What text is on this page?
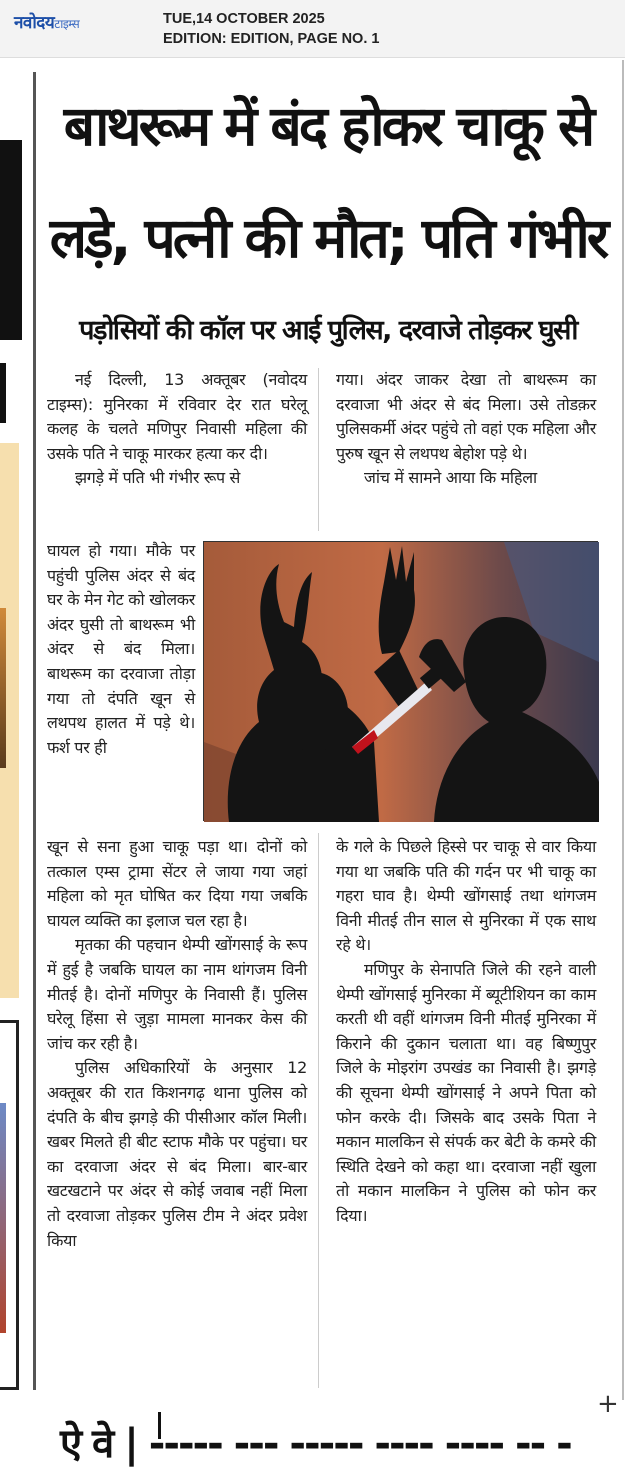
नवोदयटाइम्स	TUE,14 OCTOBER 2025
EDITION: EDITION, PAGE NO. 1
बाथरूम में बंद होकर चाकू से
लड़े, पत्नी की मौत; पति गंभीर
पड़ोसियों की कॉल पर आई पुलिस, दरवाजे तोड़कर घुसी

नई दिल्ली, 13 अक्तूबर (नवोदय टाइम्स): मुनिरका में रविवार देर रात घरेलू कलह के चलते मणिपुर निवासी महिला की उसके पति ने चाकू मारकर हत्या कर दी।

झगड़े में पति भी गंभीर रूप से

घायल हो गया। मौके पर पहुंची पुलिस अंदर से बंद घर के मेन गेट को खोलकर अंदर घुसी तो बाथरूम भी अंदर से बंद मिला। बाथरूम का दरवाजा तोड़ा गया तो दंपति खून से लथपथ हालत में पड़े थे। फर्श पर ही

गया। अंदर जाकर देखा तो बाथरूम का दरवाजा भी अंदर से बंद मिला। उसे तोडक़र पुलिसकर्मी अंदर पहुंचे तो वहां एक महिला और पुरुष खून से लथपथ बेहोश पड़े थे।

जांच में सामने आया कि महिला

खून से सना हुआ चाकू पड़ा था। दोनों को तत्काल एम्स ट्रामा सेंटर ले जाया गया जहां महिला को मृत घोषित कर दिया गया जबकि घायल व्यक्ति का इलाज चल रहा है।

मृतका की पहचान थेम्पी खोंगसाई के रूप में हुई है जबकि घायल का नाम थांगजम विनी मीतई है। दोनों मणिपुर के निवासी हैं। पुलिस घरेलू हिंसा से जुड़ा मामला मानकर केस की जांच कर रही है।

पुलिस अधिकारियों के अनुसार 12 अक्तूबर की रात किशनगढ़ थाना पुलिस को दंपति के बीच झगड़े की पीसीआर कॉल मिली। खबर मिलते ही बीट स्टाफ मौके पर पहुंचा। घर का दरवाजा अंदर से बंद मिला। बार-बार खटखटाने पर अंदर से कोई जवाब नहीं मिला तो दरवाजा तोड़कर पुलिस टीम ने अंदर प्रवेश किया

के गले के पिछले हिस्से पर चाकू से वार किया गया था जबकि पति की गर्दन पर भी चाकू का गहरा घाव है। थेम्पी खोंगसाई तथा थांगजम विनी मीतई तीन साल से मुनिरका में एक साथ रहे थे।

मणिपुर के सेनापति जिले की रहने वाली थेम्पी खोंगसाई मुनिरका में ब्यूटीशियन का काम करती थी वहीं थांगजम विनी मीतई मुनिरका में किराने की दुकान चलाता था। वह बिष्णुपुर जिले के मोइरांग उपखंड का निवासी है। झगड़े की सूचना थेम्पी खोंगसाई ने अपने पिता को फोन करके दी। जिसके बाद उसके पिता ने मकान मालकिन से संपर्क कर बेटी के कमरे की स्थिति देखने को कहा था। दरवाजा नहीं खुला तो मकान मालकिन ने पुलिस को फोन कर दिया।

+
ऐ वे | ----- --- ----- ---- ---- -- -
